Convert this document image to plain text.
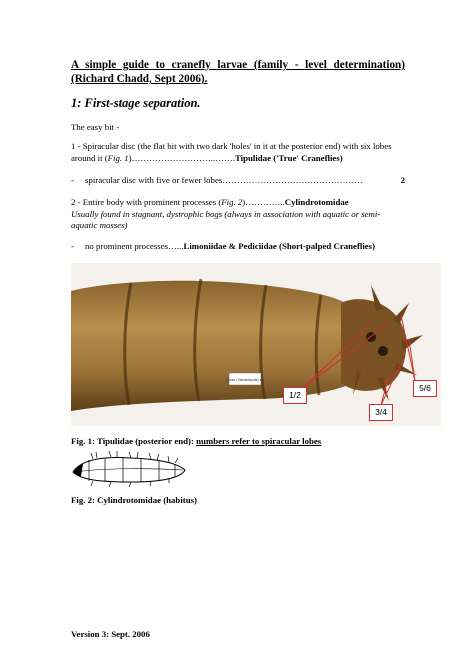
A simple guide to cranefly larvae (family - level determination) (Richard Chadd, Sept 2006).
1: First-stage separation.
The easy bit -
1 - Spiracular disc (the flat bit with two dark 'holes' in it at the posterior end) with six lobes around it (Fig. 1)………………………..…….Tipulidae ('True' Craneflies)
-	spiracular disc with five or fewer lobes…………………………………………	2
2 - Entire body with prominent processes (Fig. 2)…………..Cylindrotomidae
Usually found in stagnant, dystrophic bogs (always in association with aquatic or semi-aquatic mosses)
-	no prominent processes…...Limoniidae & Pediciidae (Short-palped Craneflies)
Tipula (Yamatotipula) sp.
1/2
3/4
5/6
Fig. 1: Tipulidae (posterior end): numbers refer to spiracular lobes
Fig. 2: Cylindrotomidae (habitus)
Version 3: Sept. 2006
